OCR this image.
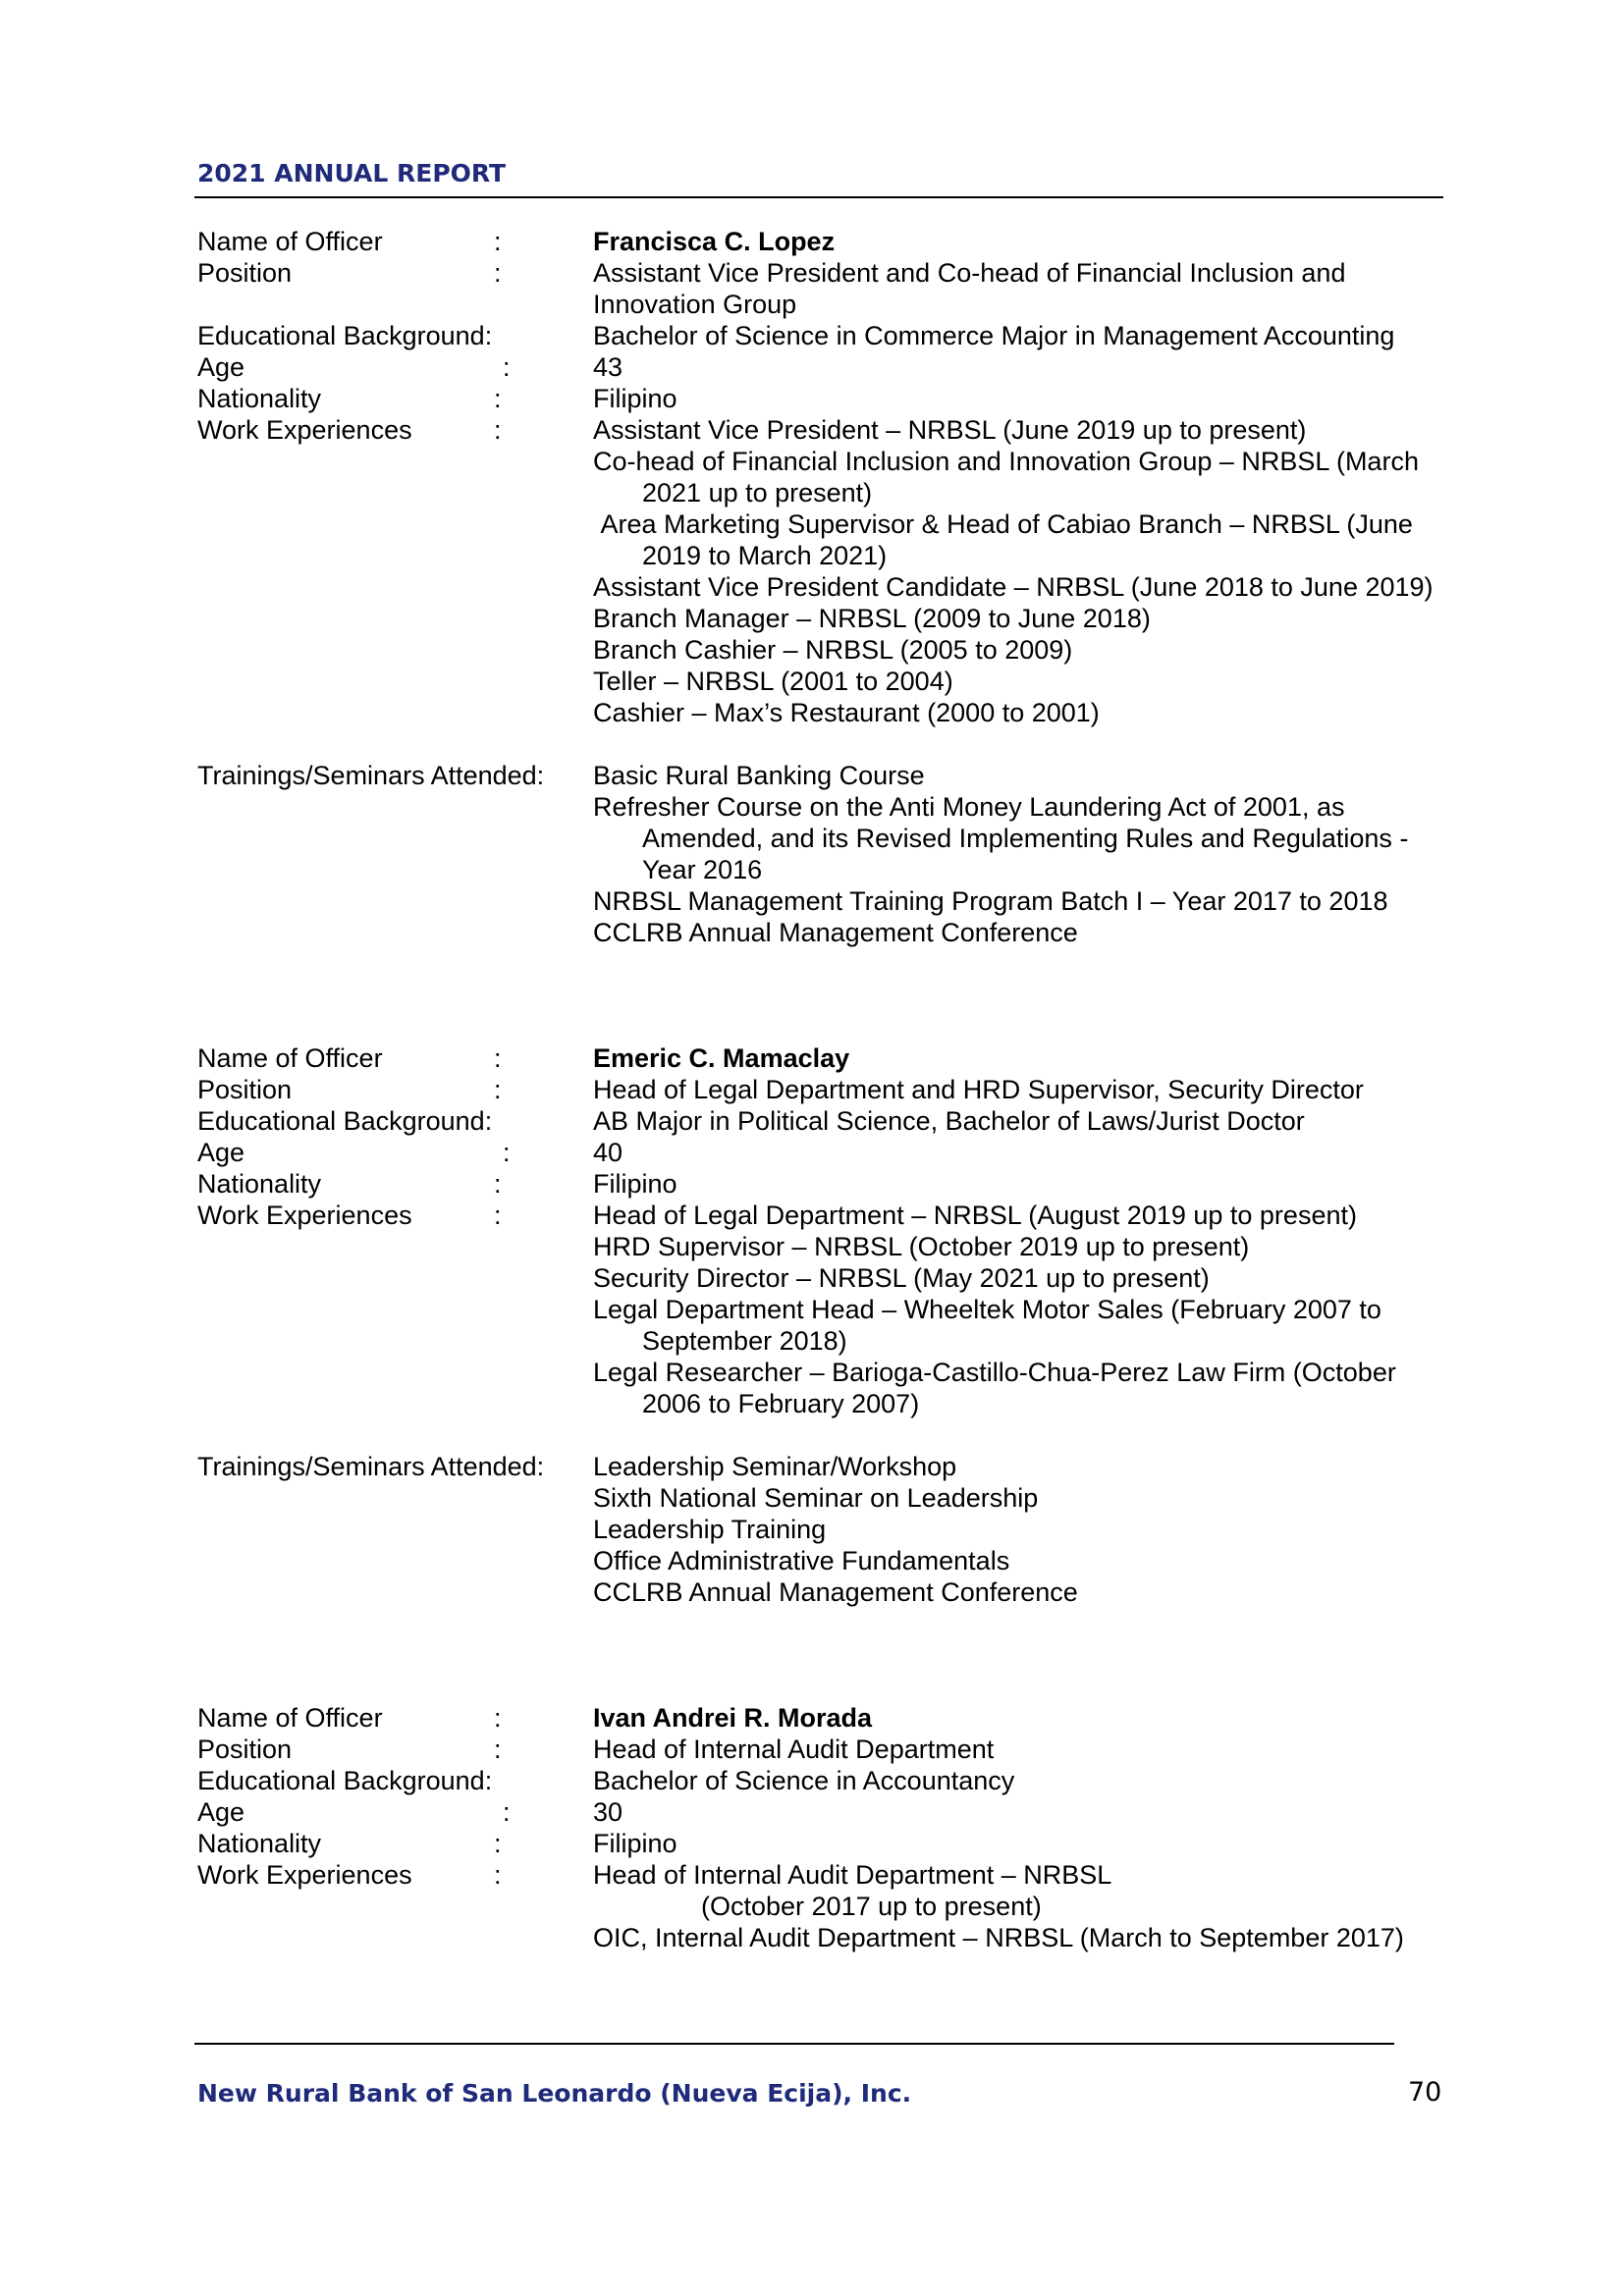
2021 ANNUAL REPORT
Name of Officer	:	Francisca C. Lopez
Position	:	Assistant Vice President and Co-head of Financial Inclusion and Innovation Group
Educational Background:	Bachelor of Science in Commerce Major in Management Accounting
Age	:	43
Nationality	:	Filipino
Work Experiences	:	Assistant Vice President – NRBSL (June 2019 up to present)
Co-head of Financial Inclusion and Innovation Group – NRBSL (March 2021 up to present)
Area Marketing Supervisor & Head of Cabiao Branch – NRBSL (June 2019 to March 2021)
Assistant Vice President Candidate – NRBSL (June 2018 to June 2019)
Branch Manager – NRBSL (2009 to June 2018)
Branch Cashier – NRBSL (2005 to 2009)
Teller – NRBSL (2001 to 2004)
Cashier – Max’s Restaurant (2000 to 2001)
Trainings/Seminars Attended: Basic Rural Banking Course
Refresher Course on the Anti Money Laundering Act of 2001, as Amended, and its Revised Implementing Rules and Regulations - Year 2016
NRBSL Management Training Program Batch I – Year 2017 to 2018
CCLRB Annual Management Conference
Name of Officer	:	Emeric C. Mamaclay
Position	:	Head of Legal Department and HRD Supervisor, Security Director
Educational Background:	AB Major in Political Science, Bachelor of Laws/Jurist Doctor
Age	:	40
Nationality	:	Filipino
Work Experiences	:	Head of Legal Department – NRBSL (August 2019 up to present)
HRD Supervisor – NRBSL (October 2019 up to present)
Security Director – NRBSL (May 2021 up to present)
Legal Department Head – Wheeltek Motor Sales (February 2007 to September 2018)
Legal Researcher – Barioga-Castillo-Chua-Perez Law Firm (October 2006 to February 2007)
Trainings/Seminars Attended: Leadership Seminar/Workshop
Sixth National Seminar on Leadership
Leadership Training
Office Administrative Fundamentals
CCLRB Annual Management Conference
Name of Officer	:	Ivan Andrei R. Morada
Position	:	Head of Internal Audit Department
Educational Background:	Bachelor of Science in Accountancy
Age	:	30
Nationality	:	Filipino
Work Experiences	:	Head of Internal Audit Department – NRBSL
(October 2017 up to present)
OIC, Internal Audit Department – NRBSL (March to September 2017)
New Rural Bank of San Leonardo (Nueva Ecija), Inc.	70
